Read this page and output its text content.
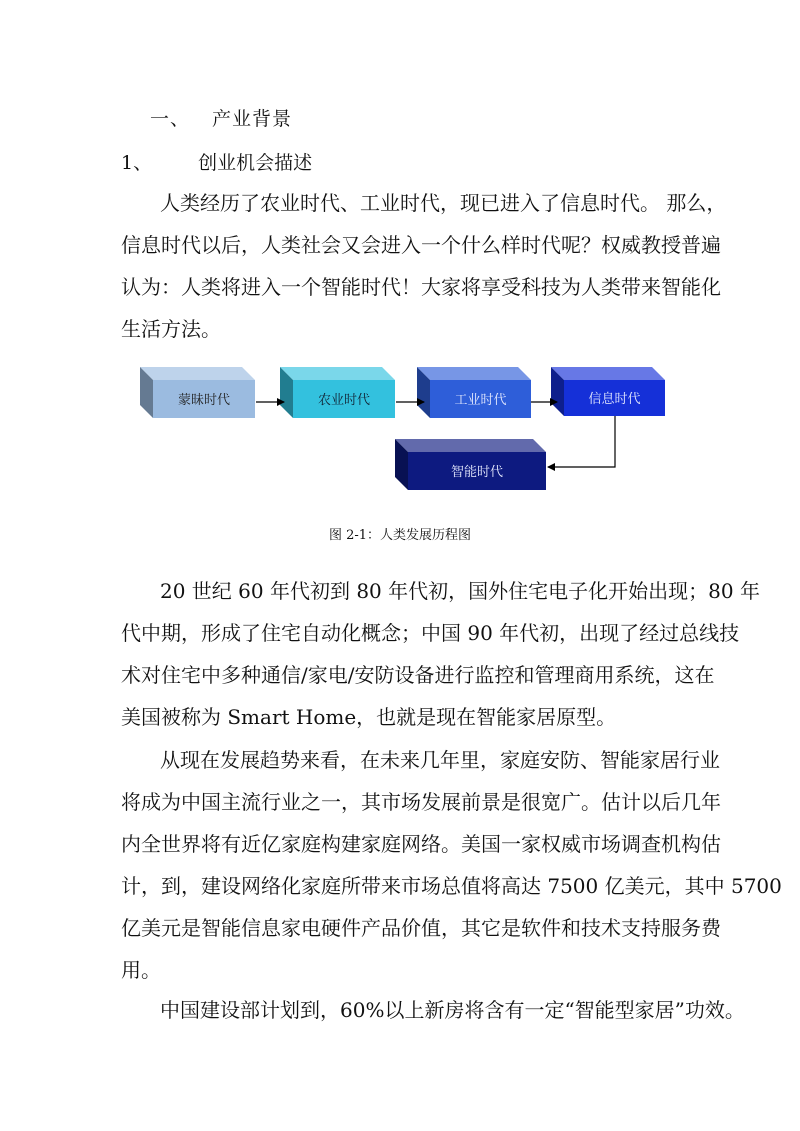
一、 产业背景
1、 创业机会描述
人类经历了农业时代、工业时代，现已进入了信息时代。 那么，
信息时代以后，人类社会又会进入一个什么样时代呢？权威教授普遍
认为：人类将进入一个智能时代！大家将享受科技为人类带来智能化
生活方法。
蒙昧时代	农业时代	工业时代	信息时代
智能时代
图 2-1：人类发展历程图
20 世纪 60 年代初到 80 年代初，国外住宅电子化开始出现；80 年
代中期，形成了住宅自动化概念；中国 90 年代初，出现了经过总线技
术对住宅中多种通信/家电/安防设备进行监控和管理商用系统，这在
美国被称为 Smart Home，也就是现在智能家居原型。
从现在发展趋势来看，在未来几年里，家庭安防、智能家居行业
将成为中国主流行业之一，其市场发展前景是很宽广。估计以后几年
内全世界将有近亿家庭构建家庭网络。美国一家权威市场调查机构估
计，到，建设网络化家庭所带来市场总值将高达 7500 亿美元，其中 5700
亿美元是智能信息家电硬件产品价值，其它是软件和技术支持服务费
用。
中国建设部计划到，60%以上新房将含有一定“智能型家居”功效。
